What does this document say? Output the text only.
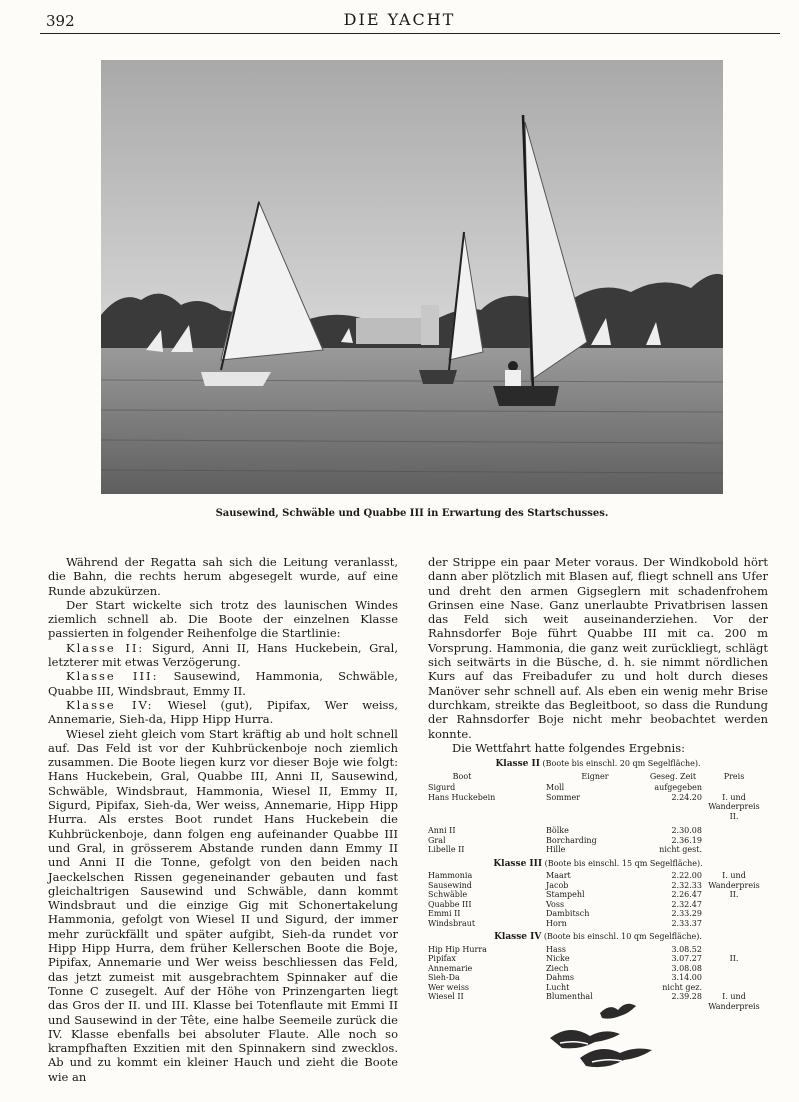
392	DIE YACHT
Sausewind, Schwäble und Quabbe III in Erwartung des Startschusses.

Während der Regatta sah sich die Leitung veranlasst, die Bahn, die rechts herum abgesegelt wurde, auf eine Runde abzukürzen.

Der Start wickelte sich trotz des launischen Windes ziemlich schnell ab. Die Boote der einzelnen Klasse passierten in folgender Reihenfolge die Startlinie:

Klasse II: Sigurd, Anni II, Hans Huckebein, Gral, letzterer mit etwas Verzögerung.

Klasse III: Sausewind, Hammonia, Schwäble, Quabbe III, Windsbraut, Emmy II.

Klasse IV: Wiesel (gut), Pipifax, Wer weiss, Annemarie, Sieh-da, Hipp Hipp Hurra.

Wiesel zieht gleich vom Start kräftig ab und holt schnell auf. Das Feld ist vor der Kuhbrückenboje noch ziemlich zusammen. Die Boote liegen kurz vor dieser Boje wie folgt: Hans Huckebein, Gral, Quabbe III, Anni II, Sausewind, Schwäble, Windsbraut, Hammonia, Wiesel II, Emmy II, Sigurd, Pipifax, Sieh-da, Wer weiss, Annemarie, Hipp Hipp Hurra. Als erstes Boot rundet Hans Huckebein die Kuhbrückenboje, dann folgen eng aufeinander Quabbe III und Gral, in grösserem Abstande runden dann Emmy II und Anni II die Tonne, gefolgt von den beiden nach Jaeckelschen Rissen gegeneinander gebauten und fast gleichaltrigen Sausewind und Schwäble, dann kommt Windsbraut und die einzige Gig mit Schonertakelung Hammonia, gefolgt von Wiesel II und Sigurd, der immer mehr zurückfällt und später aufgibt, Sieh-da rundet vor Hipp Hipp Hurra, dem früher Kellerschen Boote die Boje, Pipifax, Annemarie und Wer weiss beschliessen das Feld, das jetzt zumeist mit ausgebrachtem Spinnaker auf die Tonne C zusegelt. Auf der Höhe von Prinzengarten liegt das Gros der II. und III. Klasse bei Totenflaute mit Emmi II und Sausewind in der Tête, eine halbe Seemeile zurück die IV. Klasse ebenfalls bei absoluter Flaute. Alle noch so krampfhaften Exzitien mit den Spinnakern sind zwecklos. Ab und zu kommt ein kleiner Hauch und zieht die Boote wie an

der Strippe ein paar Meter voraus. Der Windkobold hört dann aber plötzlich mit Blasen auf, fliegt schnell ans Ufer und dreht den armen Gigseglern mit schadenfrohem Grinsen eine Nase. Ganz unerlaubte Privatbrisen lassen das Feld sich weit auseinanderziehen. Vor der Rahnsdorfer Boje führt Quabbe III mit ca. 200 m Vorsprung. Hammonia, die ganz weit zurückliegt, schlägt sich seitwärts in die Büsche, d. h. sie nimmt nördlichen Kurs auf das Freibadufer zu und holt durch dieses Manöver sehr schnell auf. Als eben ein wenig mehr Brise durchkam, streikte das Begleitboot, so dass die Rundung der Rahnsdorfer Boje nicht mehr beobachtet werden konnte.

Die Wettfahrt hatte folgendes Ergebnis:

Klasse II (Boote bis einschl. 20 qm Segelfläche).
Boot	Eigner	Geseg. Zeit	Preis
Sigurd	Moll	aufgegeben
Hans Huckebein	Sommer	2.24.20	I. und
Wanderpreis
II.
Anni II	Bölke	2.30.08
Gral	Borcharding	2.36.19
Libelle II	Hille	nicht gest.
Klasse III (Boote bis einschl. 15 qm Segelfläche).
Hammonia	Maart	2.22.00	I. und
Sausewind	Jacob	2.32.33 Wanderpreis
Schwäble	Stampehl	2.26.47	II.
Quabbe III	Voss	2.32.47
Emmi II	Dambitsch	2.33.29
Windsbraut	Horn	2.33.37
Klasse IV (Boote bis einschl. 10 qm Segelfläche).
Hip Hip Hurra	Hass	3.08.52
Pipifax	Nicke	3.07.27	II.
Annemarie	Ziech	3.08.08
Sieh-Da	Dahms	3.14.00
Wer weiss	Lucht	nicht gez.
Wiesel II	Blumenthal	2.39.28	I. und
Wanderpreis
